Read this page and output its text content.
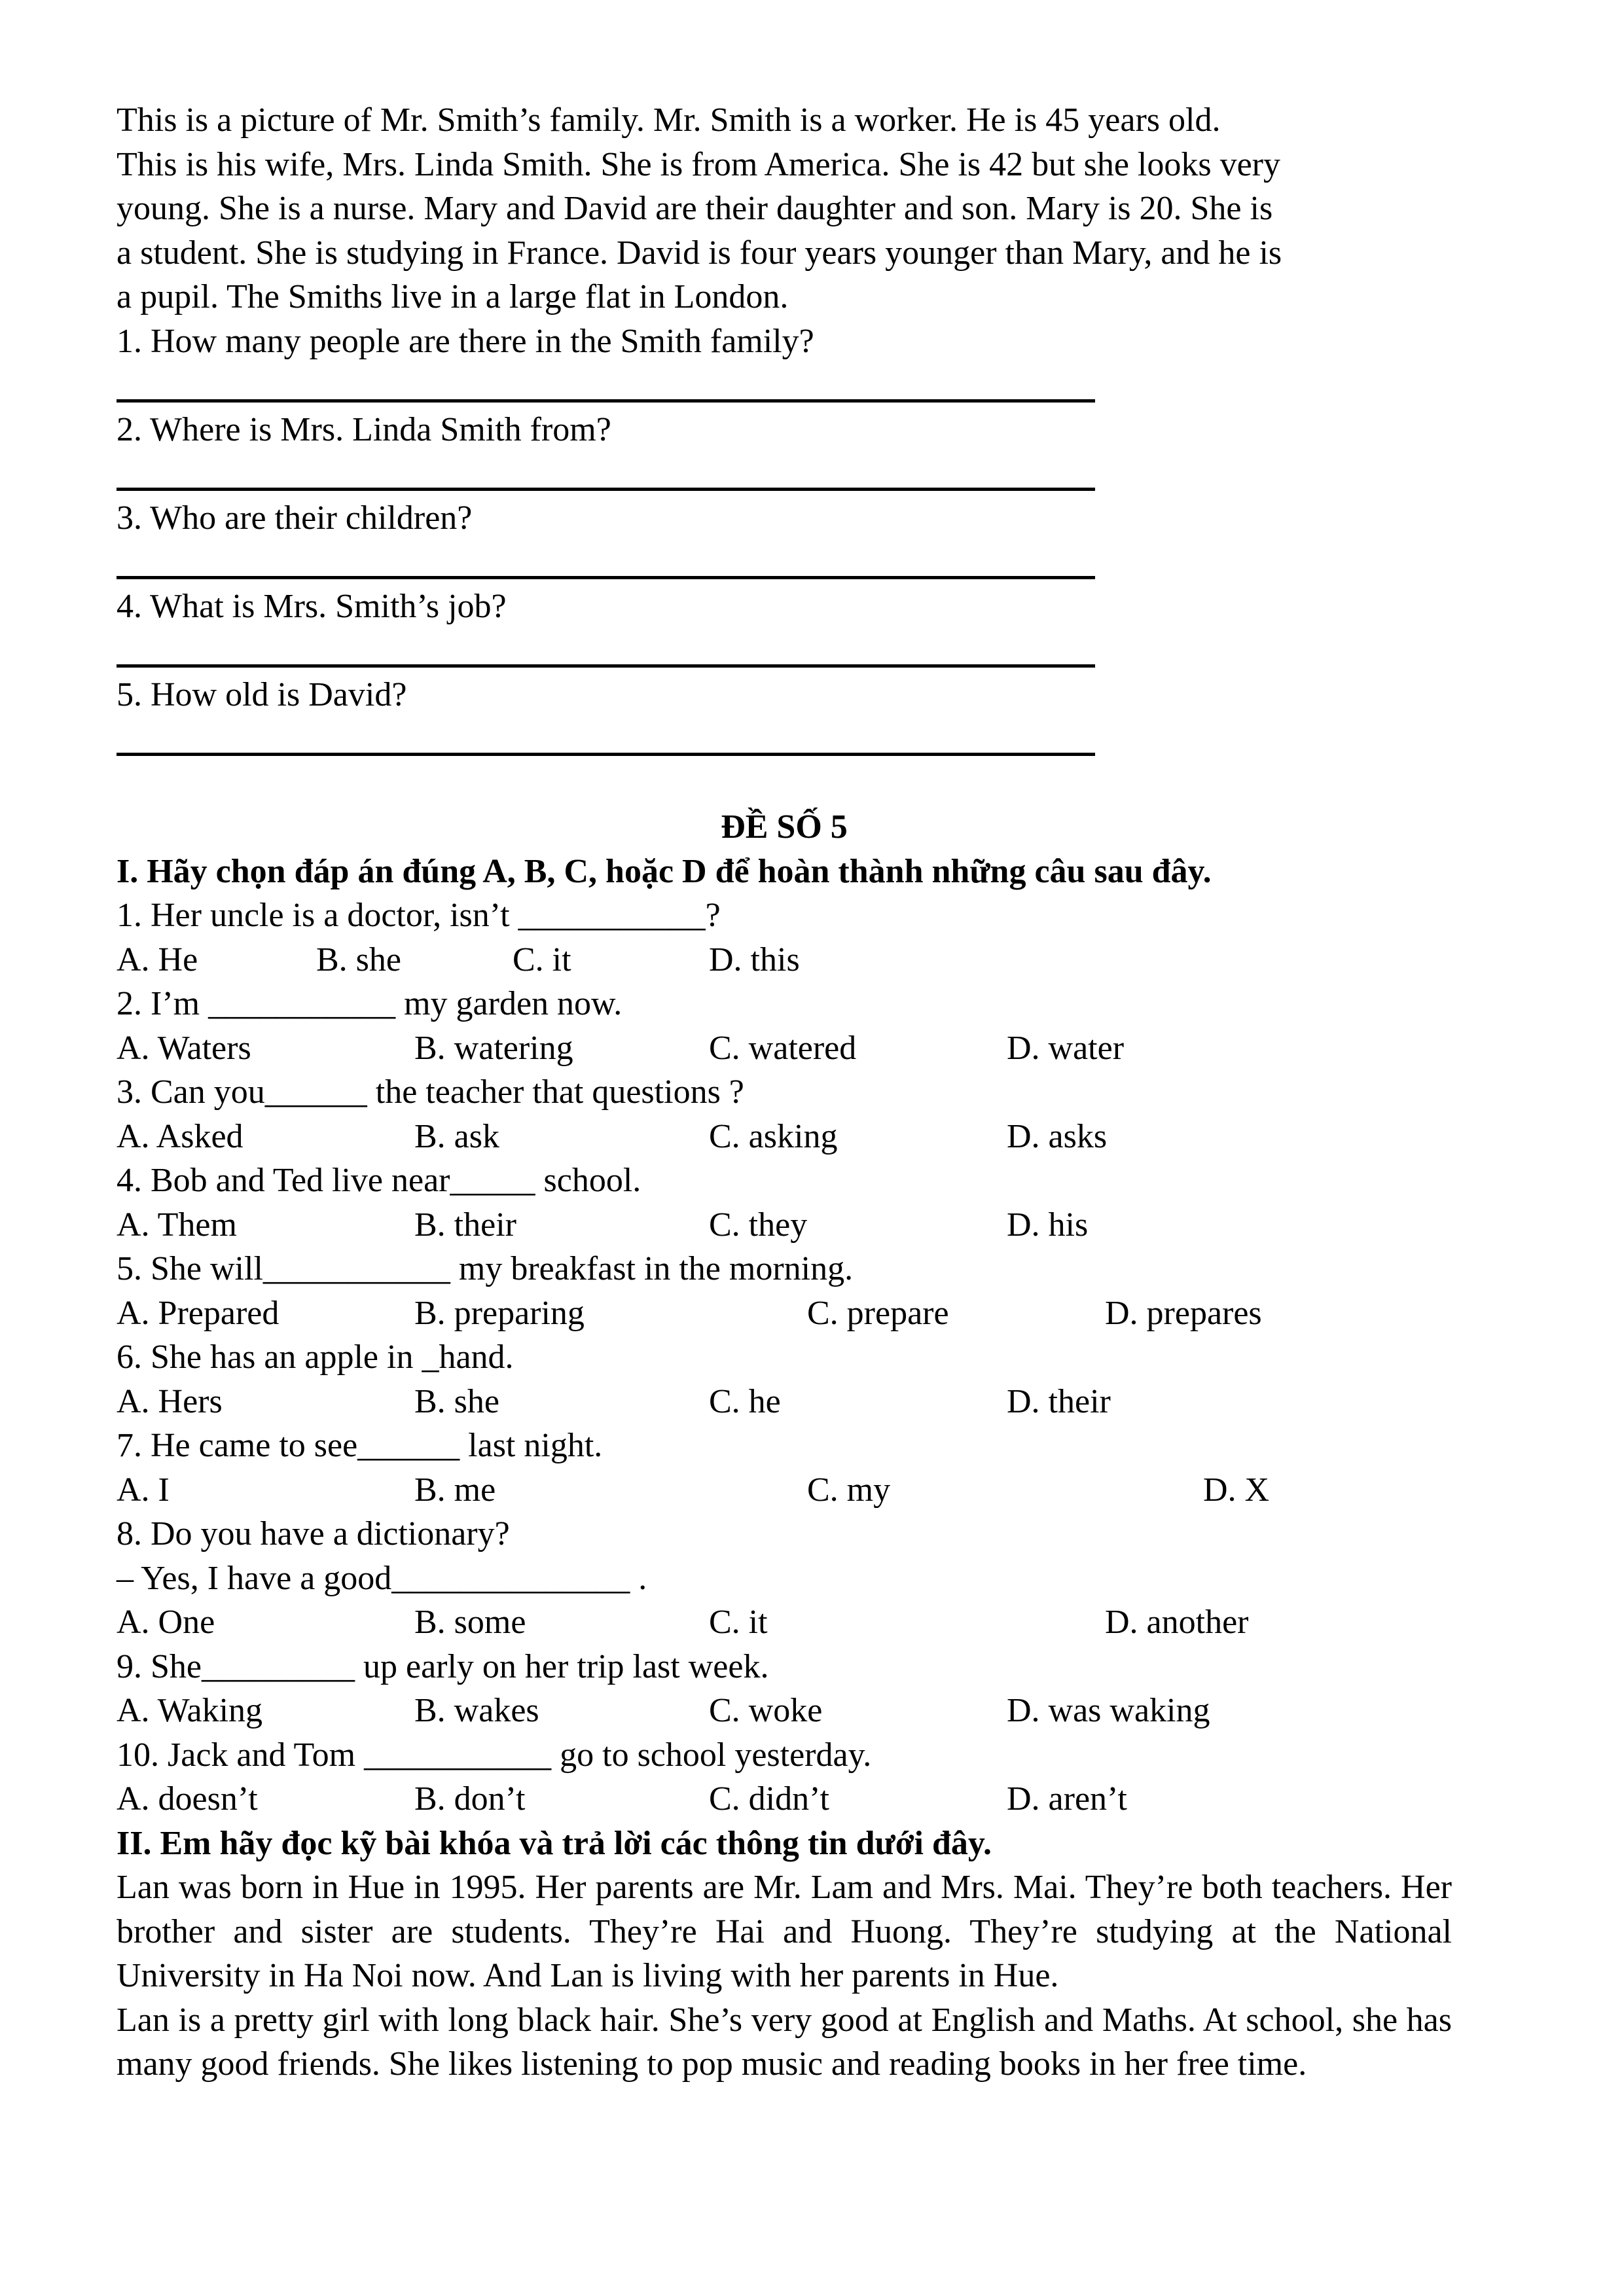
This is a picture of Mr. Smith’s family. Mr. Smith is a worker. He is 45 years old.
This is his wife, Mrs. Linda Smith. She is from America. She is 42 but she looks very
young. She is a nurse. Mary and David are their daughter and son. Mary is 20. She is
a student. She is studying in France. David is four years younger than Mary, and he is
a pupil. The Smiths live in a large flat in London.
1. How many people are there in the Smith family?
2. Where is Mrs. Linda Smith from?
3. Who are their children?
4. What is Mrs. Smith’s job?
5. How old is David?
ĐỀ SỐ 5
I. Hãy chọn đáp án đúng A, B, C, hoặc D để hoàn thành những câu sau đây.
1. Her uncle is a doctor, isn’t ___________?
A. He	B. she	C. it	D. this
2. I’m ___________ my garden now.
A. Waters	B. watering	C. watered	D. water
3. Can you______ the teacher that questions ?
A. Asked	B. ask	C. asking	D. asks
4. Bob and Ted live near_____ school.
A. Them	B. their	C. they	D. his
5. She will___________ my breakfast in the morning.
A. Prepared	B. preparing	C. prepare	D. prepares
6. She has an apple in _hand.
A. Hers	B. she	C. he	D. their
7. He came to see______ last night.
A. I	B. me	C. my	D. X
8. Do you have a dictionary?
– Yes, I have a good______________ .
A. One	B. some	C. it	D. another
9. She_________ up early on her trip last week.
A. Waking	B. wakes	C. woke	D. was waking
10. Jack and Tom ___________ go to school yesterday.
A. doesn’t	B. don’t	C. didn’t	D. aren’t
II. Em hãy đọc kỹ bài khóa và trả lời các thông tin dưới đây.
Lan was born in Hue in 1995. Her parents are Mr. Lam and Mrs. Mai. They’re both teachers. Her brother and sister are students. They’re Hai and Huong. They’re studying at the National University in Ha Noi now. And Lan is living with her parents in Hue.
Lan is a pretty girl with long black hair. She’s very good at English and Maths. At school, she has many good friends. She likes listening to pop music and reading books in her free time.
